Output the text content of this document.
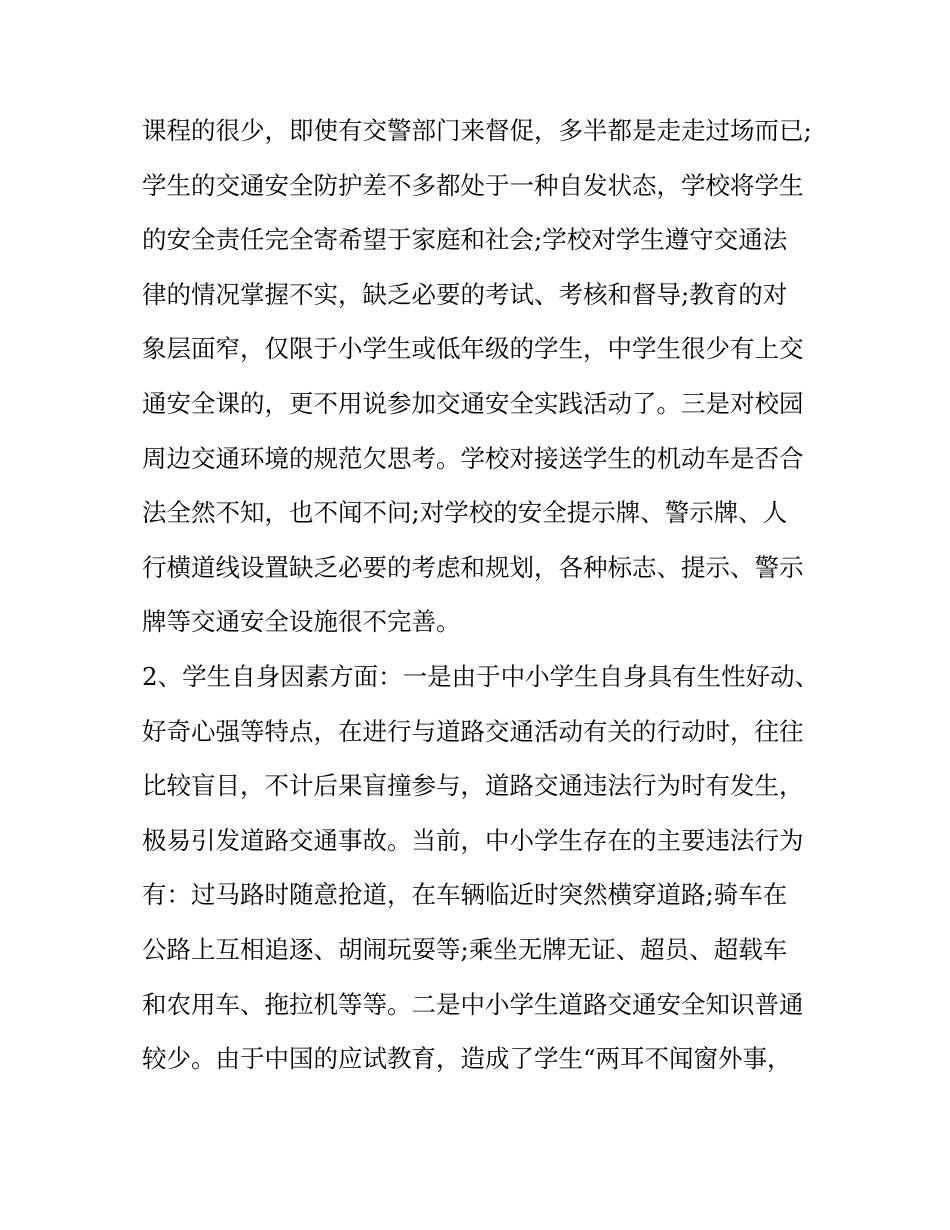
课程的很少，即使有交警部门来督促，多半都是走走过场而已;
学生的交通安全防护差不多都处于一种自发状态，学校将学生
的安全责任完全寄希望于家庭和社会;学校对学生遵守交通法
律的情况掌握不实，缺乏必要的考试、考核和督导;教育的对
象层面窄，仅限于小学生或低年级的学生，中学生很少有上交
通安全课的，更不用说参加交通安全实践活动了。三是对校园
周边交通环境的规范欠思考。学校对接送学生的机动车是否合
法全然不知，也不闻不问;对学校的安全提示牌、警示牌、人
行横道线设置缺乏必要的考虑和规划，各种标志、提示、警示
牌等交通安全设施很不完善。
2、学生自身因素方面：一是由于中小学生自身具有生性好动、
好奇心强等特点，在进行与道路交通活动有关的行动时，往往
比较盲目，不计后果盲撞参与，道路交通违法行为时有发生，
极易引发道路交通事故。当前，中小学生存在的主要违法行为
有：过马路时随意抢道，在车辆临近时突然横穿道路;骑车在
公路上互相追逐、胡闹玩耍等;乘坐无牌无证、超员、超载车
和农用车、拖拉机等等。二是中小学生道路交通安全知识普通
较少。由于中国的应试教育，造成了学生“两耳不闻窗外事，
